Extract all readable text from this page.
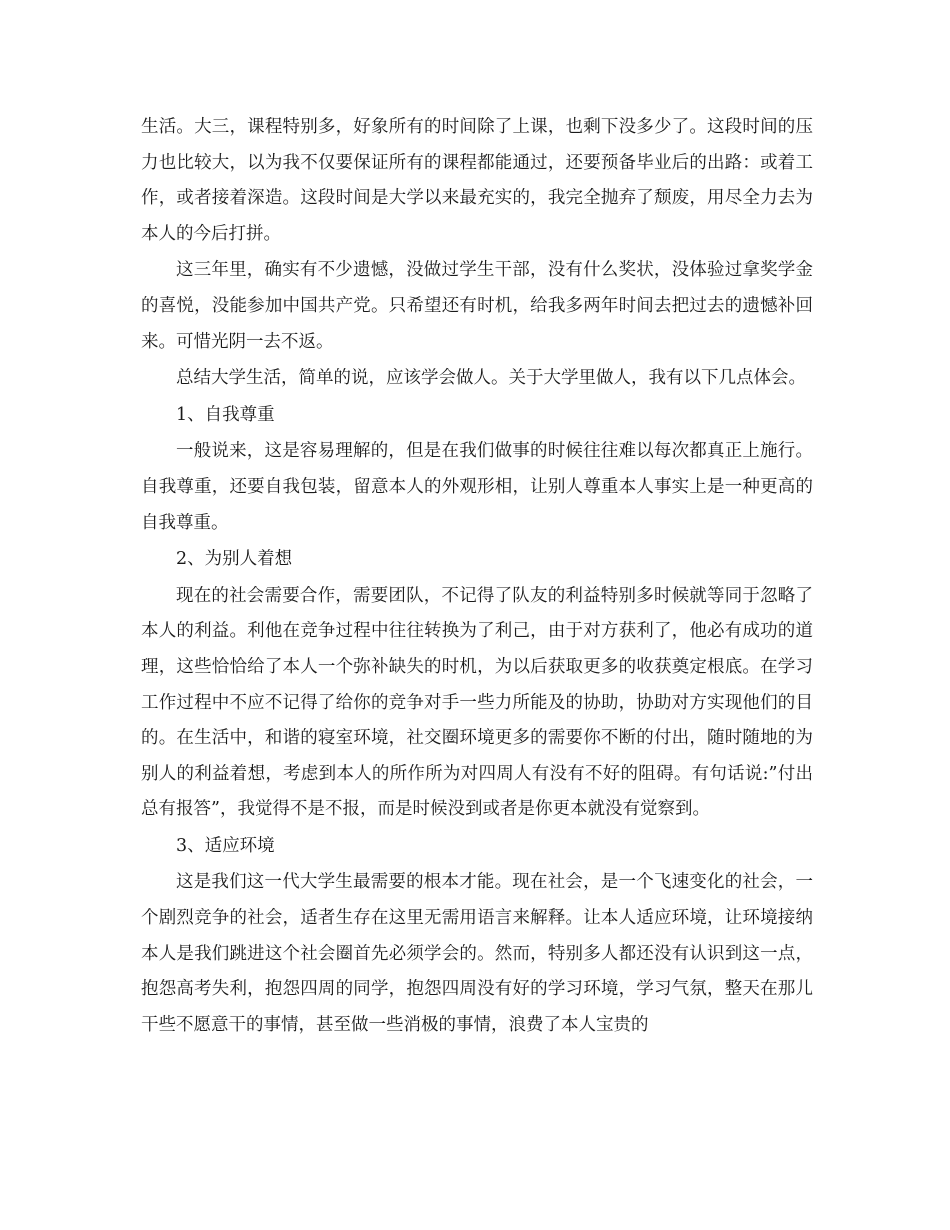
生活。大三，课程特别多，好象所有的时间除了上课，也剩下没多少了。这段时间的压力也比较大，以为我不仅要保证所有的课程都能通过，还要预备毕业后的出路：或着工作，或者接着深造。这段时间是大学以来最充实的，我完全抛弃了颓废，用尽全力去为本人的今后打拼。

这三年里，确实有不少遗憾，没做过学生干部，没有什么奖状，没体验过拿奖学金的喜悦，没能参加中国共产党。只希望还有时机，给我多两年时间去把过去的遗憾补回来。可惜光阴一去不返。

总结大学生活，简单的说，应该学会做人。关于大学里做人，我有以下几点体会。

1、自我尊重

一般说来，这是容易理解的，但是在我们做事的时候往往难以每次都真正上施行。自我尊重，还要自我包装，留意本人的外观形相，让别人尊重本人事实上是一种更高的自我尊重。

2、为别人着想

现在的社会需要合作，需要团队，不记得了队友的利益特别多时候就等同于忽略了本人的利益。利他在竞争过程中往往转换为了利己，由于对方获利了，他必有成功的道理，这些恰恰给了本人一个弥补缺失的时机，为以后获取更多的收获奠定根底。在学习工作过程中不应不记得了给你的竞争对手一些力所能及的协助，协助对方实现他们的目的。在生活中，和谐的寝室环境，社交圈环境更多的需要你不断的付出，随时随地的为别人的利益着想，考虑到本人的所作所为对四周人有没有不好的阻碍。有句话说:”付出总有报答”，我觉得不是不报，而是时候没到或者是你更本就没有觉察到。

3、适应环境

这是我们这一代大学生最需要的根本才能。现在社会，是一个飞速变化的社会，一个剧烈竞争的社会，适者生存在这里无需用语言来解释。让本人适应环境，让环境接纳本人是我们跳进这个社会圈首先必须学会的。然而，特别多人都还没有认识到这一点，抱怨高考失利，抱怨四周的同学，抱怨四周没有好的学习环境，学习气氛，整天在那儿干些不愿意干的事情，甚至做一些消极的事情，浪费了本人宝贵的
